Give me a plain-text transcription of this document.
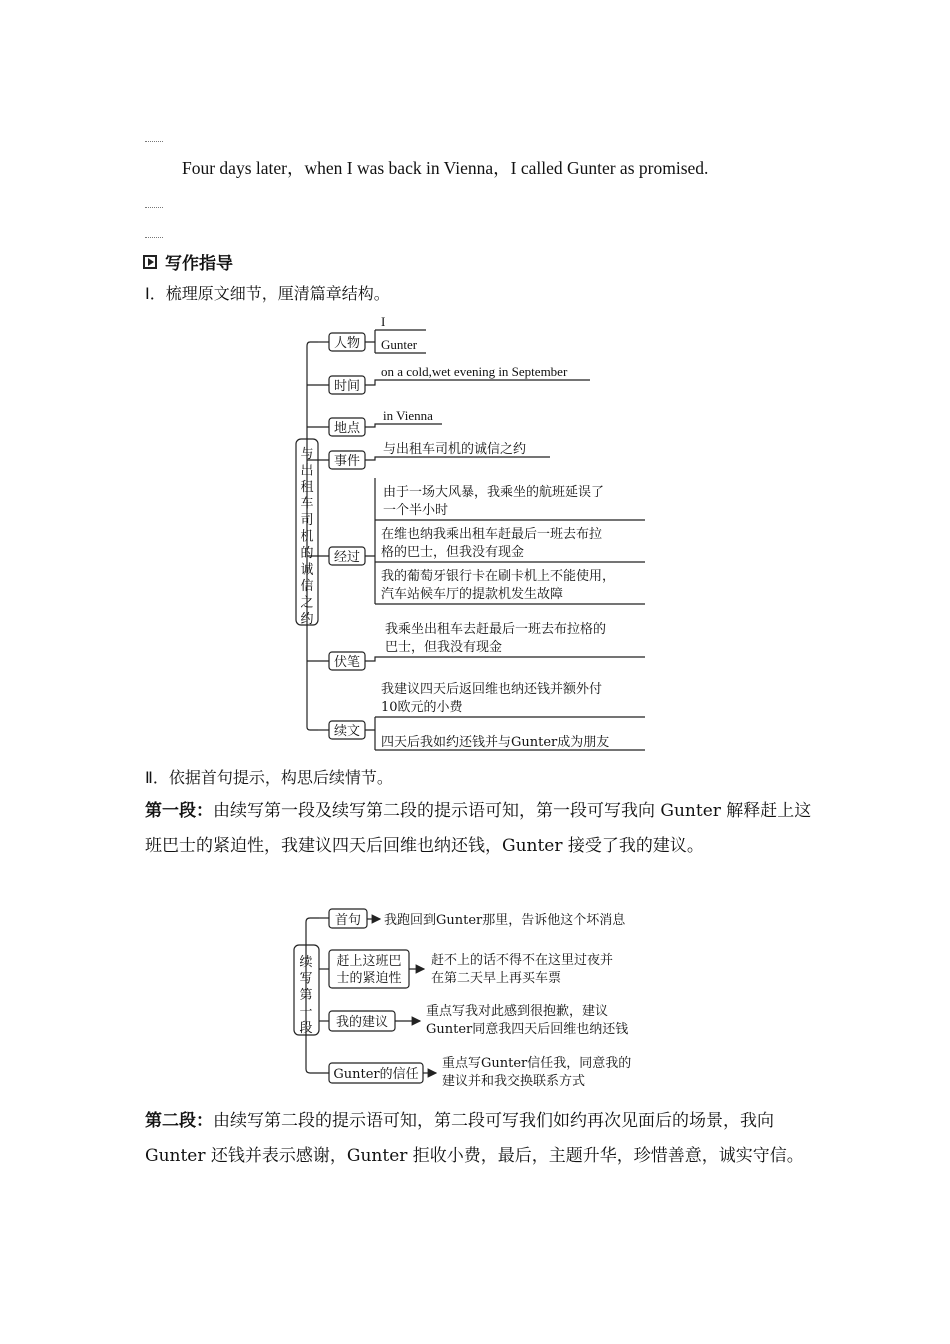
Four days later，when I was back in Vienna，I called Gunter as promised.
写作指导
Ⅰ．梳理原文细节，厘清篇章结构。
与出租车司机的诚信之约
人物
时间
地点
事件
经过
伏笔
续文
I
Gunter
on a cold,wet evening in September
in Vienna
与出租车司机的诚信之约
由于一场大风暴，我乘坐的航班延误了
一个半小时
在维也纳我乘出租车赶最后一班去布拉
格的巴士，但我没有现金
我的葡萄牙银行卡在刷卡机上不能使用，
汽车站候车厅的提款机发生故障
我乘坐出租车去赶最后一班去布拉格的
巴士，但我没有现金
我建议四天后返回维也纳还钱并额外付
10欧元的小费
四天后我如约还钱并与Gunter成为朋友
Ⅱ．依据首句提示，构思后续情节。
第一段：由续写第一段及续写第二段的提示语可知，第一段可写我向 Gunter 解释赶上这班巴士的紧迫性，我建议四天后回维也纳还钱，Gunter 接受了我的建议。
续写第一段
首句
赶上这班巴
士的紧迫性
我的建议
Gunter的信任
我跑回到Gunter那里，告诉他这个坏消息
赶不上的话不得不在这里过夜并
在第二天早上再买车票
重点写我对此感到很抱歉，建议
Gunter同意我四天后回维也纳还钱
重点写Gunter信任我，同意我的
建议并和我交换联系方式
第二段：由续写第二段的提示语可知，第二段可写我们如约再次见面后的场景，我向 Gunter 还钱并表示感谢，Gunter 拒收小费，最后，主题升华，珍惜善意，诚实守信。
